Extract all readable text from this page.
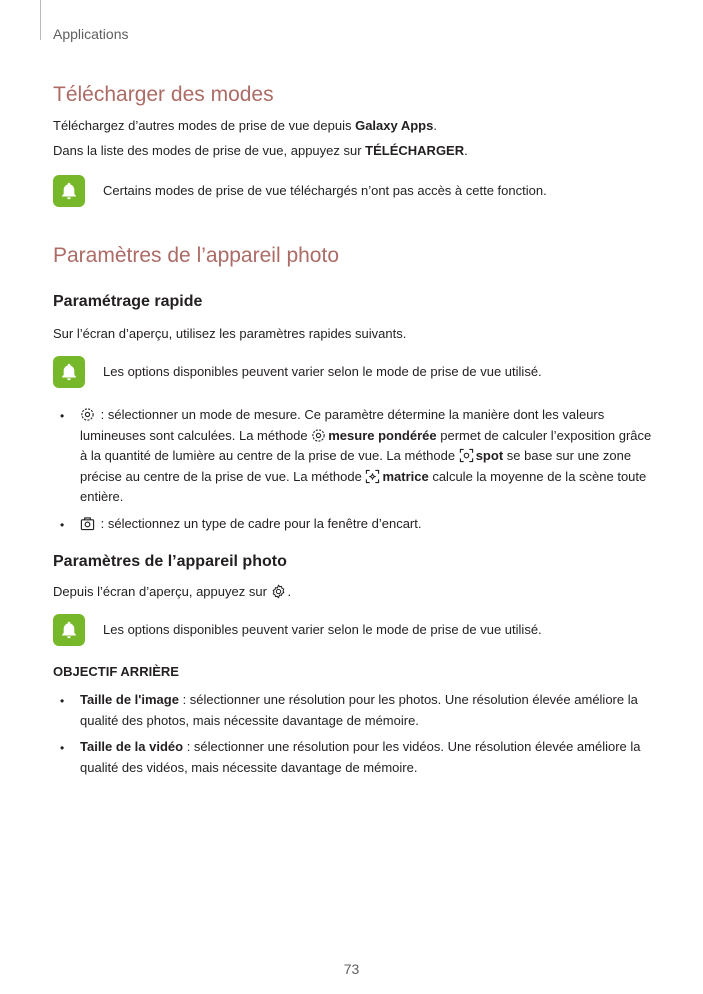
Applications
Télécharger des modes
Téléchargez d’autres modes de prise de vue depuis Galaxy Apps.
Dans la liste des modes de prise de vue, appuyez sur TÉLÉCHARGER.
Certains modes de prise de vue téléchargés n’ont pas accès à cette fonction.
Paramètres de l’appareil photo
Paramétrage rapide
Sur l’écran d’aperçu, utilisez les paramètres rapides suivants.
Les options disponibles peuvent varier selon le mode de prise de vue utilisé.
•	: sélectionner un mode de mesure. Ce paramètre détermine la manière dont les valeurs lumineuses sont calculées. La méthode mesure pondérée permet de calculer l’exposition grâce à la quantité de lumière au centre de la prise de vue. La méthode spot se base sur une zone précise au centre de la prise de vue. La méthode matrice calcule la moyenne de la scène toute entière.
•	: sélectionnez un type de cadre pour la fenêtre d’encart.
Paramètres de l’appareil photo
Depuis l’écran d’aperçu, appuyez sur .
Les options disponibles peuvent varier selon le mode de prise de vue utilisé.
OBJECTIF ARRIÈRE
• Taille de l'image : sélectionner une résolution pour les photos. Une résolution élevée améliore la qualité des photos, mais nécessite davantage de mémoire.
• Taille de la vidéo : sélectionner une résolution pour les vidéos. Une résolution élevée améliore la qualité des vidéos, mais nécessite davantage de mémoire.
73
